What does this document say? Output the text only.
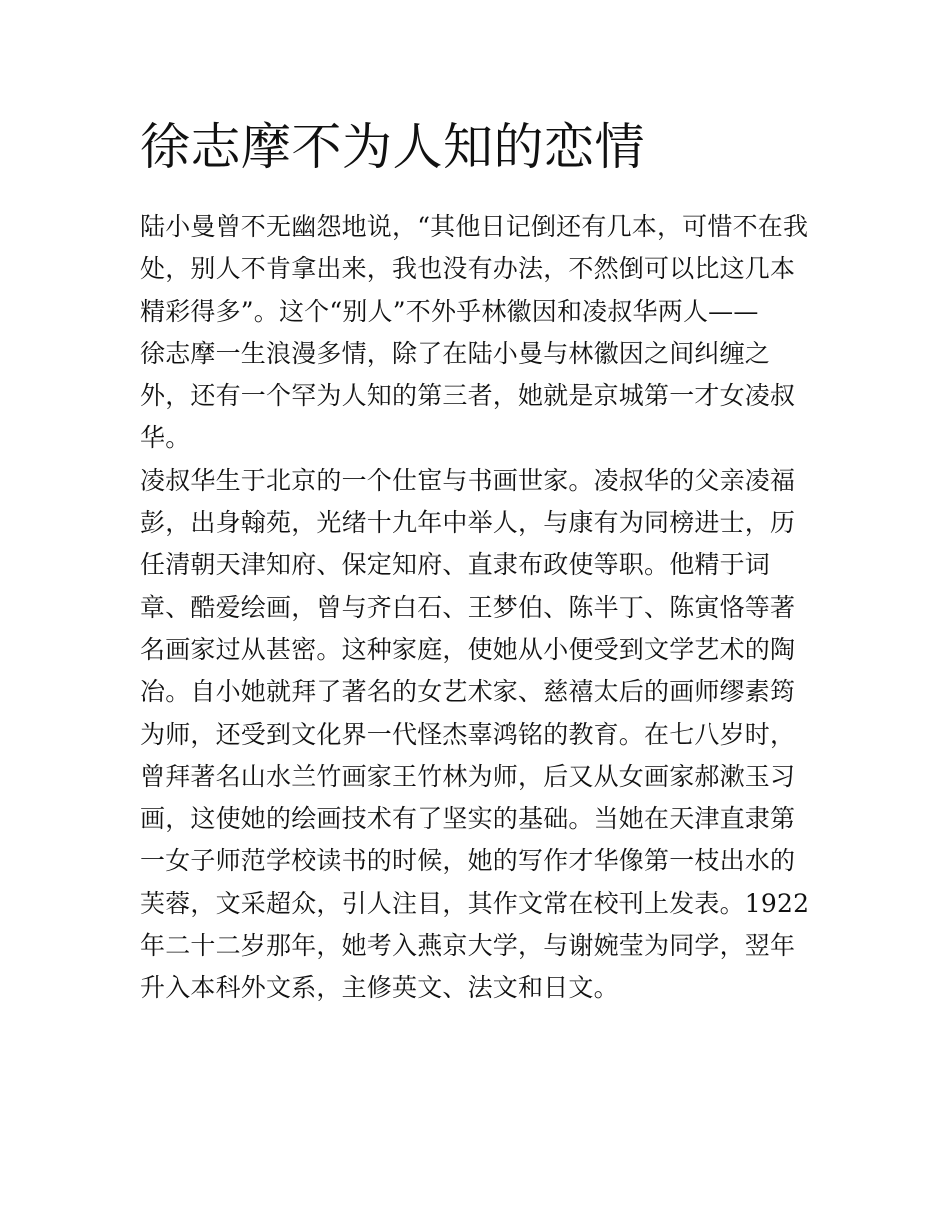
徐志摩不为人知的恋情

陆小曼曾不无幽怨地说，“其他日记倒还有几本，可惜不在我处，别人不肯拿出来，我也没有办法，不然倒可以比这几本精彩得多”。这个“别人”不外乎林徽因和凌叔华两人——

徐志摩一生浪漫多情，除了在陆小曼与林徽因之间纠缠之外，还有一个罕为人知的第三者，她就是京城第一才女凌叔华。

凌叔华生于北京的一个仕宦与书画世家。凌叔华的父亲凌福彭，出身翰苑，光绪十九年中举人，与康有为同榜进士，历任清朝天津知府、保定知府、直隶布政使等职。他精于词章、酷爱绘画，曾与齐白石、王梦伯、陈半丁、陈寅恪等著名画家过从甚密。这种家庭，使她从小便受到文学艺术的陶冶。自小她就拜了著名的女艺术家、慈禧太后的画师缪素筠为师，还受到文化界一代怪杰辜鸿铭的教育。在七八岁时，曾拜著名山水兰竹画家王竹林为师，后又从女画家郝漱玉习画，这使她的绘画技术有了坚实的基础。当她在天津直隶第一女子师范学校读书的时候，她的写作才华像第一枝出水的芙蓉，文采超众，引人注目，其作文常在校刊上发表。1922年二十二岁那年，她考入燕京大学，与谢婉莹为同学，翌年升入本科外文系，主修英文、法文和日文。
